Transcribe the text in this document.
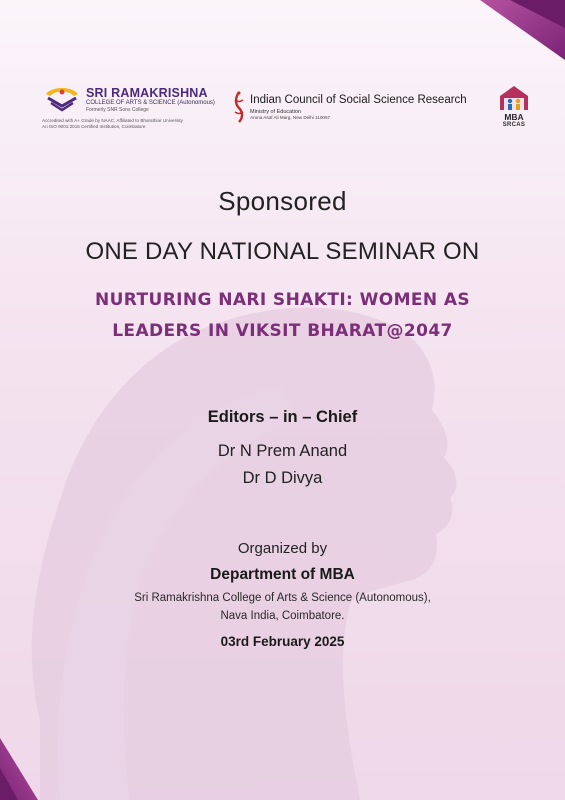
SRI RAMAKRISHNA
COLLEGE OF ARTS & SCIENCE (Autonomous)
Formerly SNR Sons College
Accredited with A+ Grade by NAAC, Affiliated to Bharathiar University
An ISO 9001:2015 Certified Institution, Coimbatore
Indian Council of Social Science Research
Ministry of Education
Aruna Asaf Ali Marg, New Delhi 110067	MBA
SRCAS
Sponsored
ONE DAY NATIONAL SEMINAR ON
NURTURING NARI SHAKTI: WOMEN AS
LEADERS IN VIKSIT BHARAT@2047
Editors – in – Chief
Dr N Prem Anand
Dr D Divya
Organized by
Department of MBA
Sri Ramakrishna College of Arts & Science (Autonomous),
Nava India, Coimbatore.
03rd February 2025
